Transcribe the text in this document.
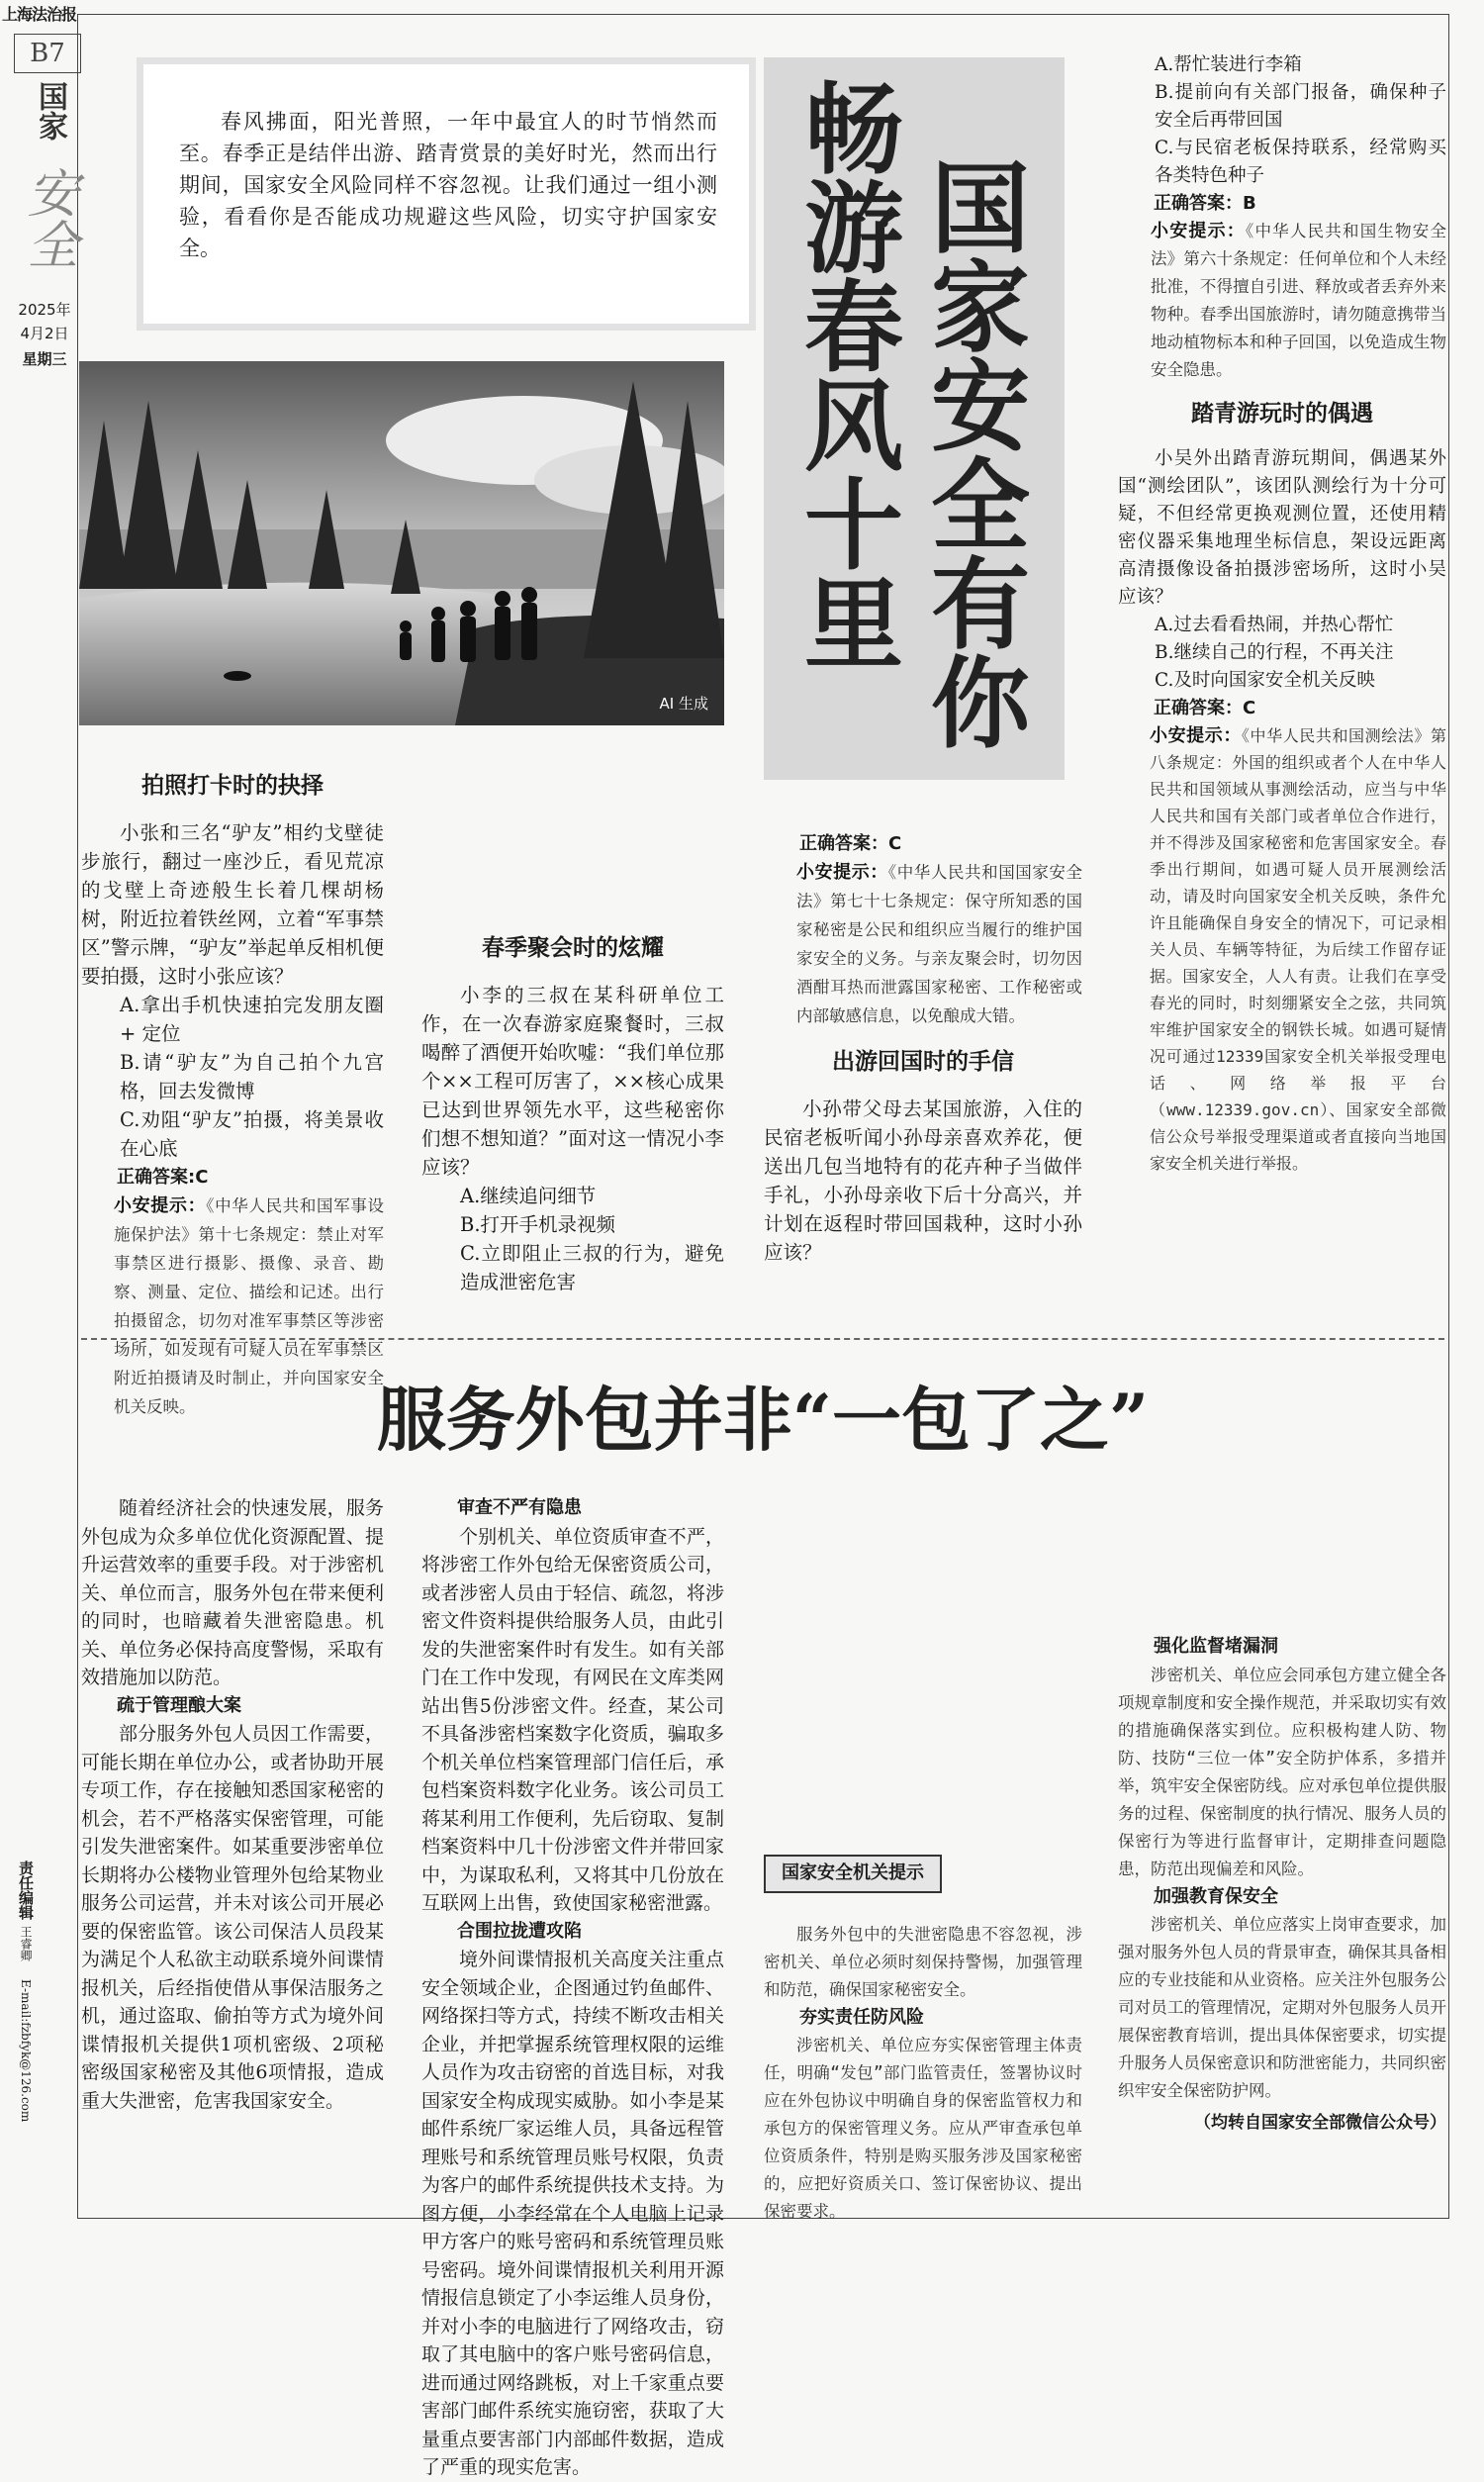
上海法治报
B7
国家
安全
2025年
4月2日
星期三
责任编辑王睿卿E-mail:fzbfyk@126.com

春风拂面，阳光普照，一年中最宜人的时节悄然而至。春季正是结伴出游、踏青赏景的美好时光，然而出行期间，国家安全风险同样不容忽视。让我们通过一组小测验，看看你是否能成功规避这些风险，切实守护国家安全。	国家安全有你
畅游春风十里
AI 生成
拍照打卡时的抉择

小张和三名“驴友”相约戈壁徒步旅行，翻过一座沙丘，看见荒凉的戈壁上奇迹般生长着几棵胡杨树，附近拉着铁丝网，立着“军事禁区”警示牌，“驴友”举起单反相机便要拍摄，这时小张应该？

A.拿出手机快速拍完发朋友圈 + 定位

B.请“驴友”为自己拍个九宫格，回去发微博

C.劝阻“驴友”拍摄，将美景收在心底

正确答案:C

小安提示：《中华人民共和国军事设施保护法》第十七条规定：禁止对军事禁区进行摄影、摄像、录音、勘察、测量、定位、描绘和记述。出行拍摄留念，切勿对准军事禁区等涉密场所，如发现有可疑人员在军事禁区附近拍摄请及时制止，并向国家安全机关反映。

春季聚会时的炫耀

小李的三叔在某科研单位工作，在一次春游家庭聚餐时，三叔喝醉了酒便开始吹嘘：“我们单位那个××工程可厉害了，××核心成果已达到世界领先水平，这些秘密你们想不想知道？”面对这一情况小李应该？

A.继续追问细节

B.打开手机录视频

C.立即阻止三叔的行为，避免造成泄密危害

正确答案：C

小安提示：《中华人民共和国国家安全法》第七十七条规定：保守所知悉的国家秘密是公民和组织应当履行的维护国家安全的义务。与亲友聚会时，切勿因酒酣耳热而泄露国家秘密、工作秘密或内部敏感信息，以免酿成大错。

出游回国时的手信

小孙带父母去某国旅游，入住的民宿老板听闻小孙母亲喜欢养花，便送出几包当地特有的花卉种子当做伴手礼，小孙母亲收下后十分高兴，并计划在返程时带回国栽种，这时小孙应该？

A.帮忙装进行李箱

B.提前向有关部门报备，确保种子安全后再带回国

C.与民宿老板保持联系，经常购买各类特色种子

正确答案：B

小安提示：《中华人民共和国生物安全法》第六十条规定：任何单位和个人未经批准，不得擅自引进、释放或者丢弃外来物种。春季出国旅游时，请勿随意携带当地动植物标本和种子回国，以免造成生物安全隐患。

踏青游玩时的偶遇

小吴外出踏青游玩期间，偶遇某外国“测绘团队”，该团队测绘行为十分可疑，不但经常更换观测位置，还使用精密仪器采集地理坐标信息，架设远距离高清摄像设备拍摄涉密场所，这时小吴应该？

A.过去看看热闹，并热心帮忙

B.继续自己的行程，不再关注

C.及时向国家安全机关反映

正确答案：C

小安提示：《中华人民共和国测绘法》第八条规定：外国的组织或者个人在中华人民共和国领域从事测绘活动，应当与中华人民共和国有关部门或者单位合作进行，并不得涉及国家秘密和危害国家安全。春季出行期间，如遇可疑人员开展测绘活动，请及时向国家安全机关反映，条件允许且能确保自身安全的情况下，可记录相关人员、车辆等特征，为后续工作留存证据。国家安全，人人有责。让我们在享受春光的同时，时刻绷紧安全之弦，共同筑牢维护国家安全的钢铁长城。如遇可疑情况可通过12339国家安全机关举报受理电话、网络举报平台（www.12339.gov.cn）、国家安全部微信公众号举报受理渠道或者直接向当地国家安全机关进行举报。

服务外包并非“一包了之”

随着经济社会的快速发展，服务外包成为众多单位优化资源配置、提升运营效率的重要手段。对于涉密机关、单位而言，服务外包在带来便利的同时，也暗藏着失泄密隐患。机关、单位务必保持高度警惕，采取有效措施加以防范。

疏于管理酿大案

部分服务外包人员因工作需要，可能长期在单位办公，或者协助开展专项工作，存在接触知悉国家秘密的机会，若不严格落实保密管理，可能引发失泄密案件。如某重要涉密单位长期将办公楼物业管理外包给某物业服务公司运营，并未对该公司开展必要的保密监管。该公司保洁人员段某为满足个人私欲主动联系境外间谍情报机关，后经指使借从事保洁服务之机，通过盗取、偷拍等方式为境外间谍情报机关提供1项机密级、2项秘密级国家秘密及其他6项情报，造成重大失泄密，危害我国家安全。

审查不严有隐患

个别机关、单位资质审查不严，将涉密工作外包给无保密资质公司，或者涉密人员由于轻信、疏忽，将涉密文件资料提供给服务人员，由此引发的失泄密案件时有发生。如有关部门在工作中发现，有网民在文库类网站出售5份涉密文件。经查，某公司不具备涉密档案数字化资质，骗取多个机关单位档案管理部门信任后，承包档案资料数字化业务。该公司员工蒋某利用工作便利，先后窃取、复制档案资料中几十份涉密文件并带回家中，为谋取私利，又将其中几份放在互联网上出售，致使国家秘密泄露。

合围拉拢遭攻陷

境外间谍情报机关高度关注重点安全领域企业，企图通过钓鱼邮件、网络探扫等方式，持续不断攻击相关企业，并把掌握系统管理权限的运维人员作为攻击窃密的首选目标，对我国家安全构成现实威胁。如小李是某邮件系统厂家运维人员，具备远程管理账号和系统管理员账号权限，负责为客户的邮件系统提供技术支持。为图方便，小李经常在个人电脑上记录甲方客户的账号密码和系统管理员账号密码。境外间谍情报机关利用开源情报信息锁定了小李运维人员身份，并对小李的电脑进行了网络攻击，窃取了其电脑中的客户账号密码信息，进而通过网络跳板，对上千家重点要害部门邮件系统实施窃密，获取了大量重点要害部门内部邮件数据，造成了严重的现实危害。

国家安全机关提示

服务外包中的失泄密隐患不容忽视，涉密机关、单位必须时刻保持警惕，加强管理和防范，确保国家秘密安全。

夯实责任防风险

涉密机关、单位应夯实保密管理主体责任，明确“发包”部门监管责任，签署协议时应在外包协议中明确自身的保密监管权力和承包方的保密管理义务。应从严审查承包单位资质条件，特别是购买服务涉及国家秘密的，应把好资质关口、签订保密协议、提出保密要求。

强化监督堵漏洞

涉密机关、单位应会同承包方建立健全各项规章制度和安全操作规范，并采取切实有效的措施确保落实到位。应积极构建人防、物防、技防“三位一体”安全防护体系，多措并举，筑牢安全保密防线。应对承包单位提供服务的过程、保密制度的执行情况、服务人员的保密行为等进行监督审计，定期排查问题隐患，防范出现偏差和风险。

加强教育保安全

涉密机关、单位应落实上岗审查要求，加强对服务外包人员的背景审查，确保其具备相应的专业技能和从业资格。应关注外包服务公司对员工的管理情况，定期对外包服务人员开展保密教育培训，提出具体保密要求，切实提升服务人员保密意识和防泄密能力，共同织密织牢安全保密防护网。

（均转自国家安全部微信公众号）
